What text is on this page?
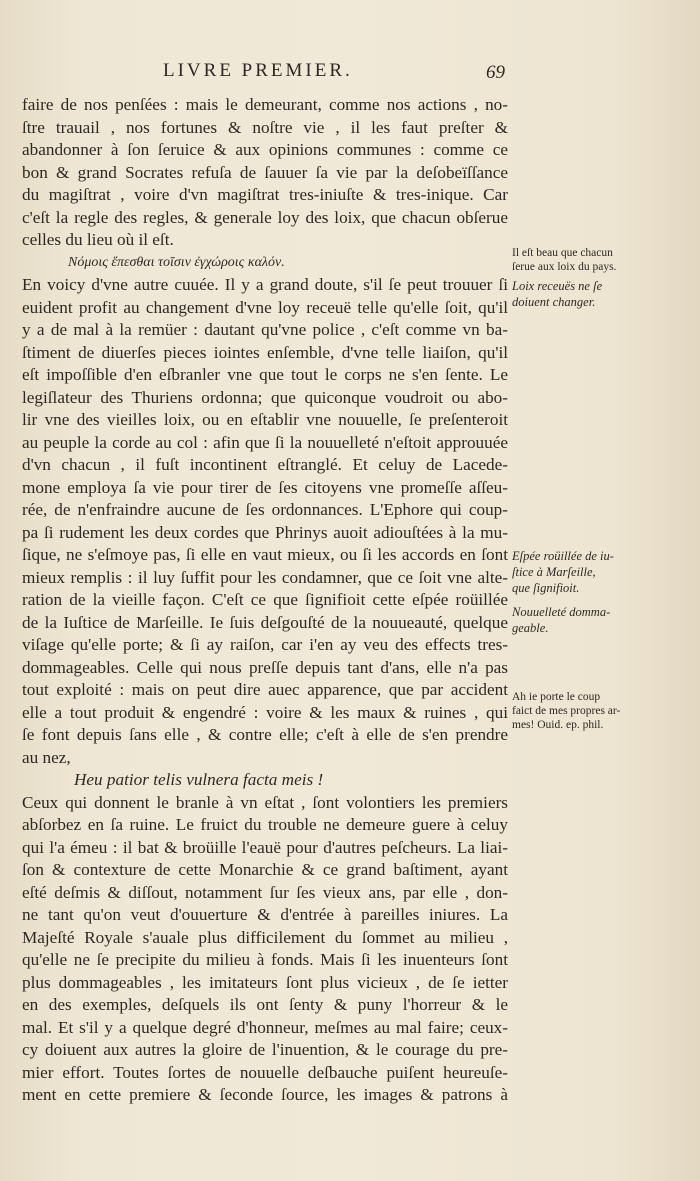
LIVRE PREMIER.	69
faire de nos penſées : mais le demeurant, comme nos actions , no-
ſtre trauail , nos fortunes & noſtre vie , il les faut preſter &
abandonner à ſon ſeruice & aux opinions communes : comme ce
bon & grand Socrates refuſa de ſauuer ſa vie par la deſobeïſſance
du magiſtrat , voire d'vn magiſtrat tres-iniuſte & tres-inique. Car
c'eſt la regle des regles, & generale loy des loix, que chacun obſerue
celles du lieu où il eſt.
Νόμοις ἕπεσθαι τοῖσιν ἐγχώροις καλόν.
En voicy d'vne autre cuuée. Il y a grand doute, s'il ſe peut trouuer ſi
euident profit au changement d'vne loy receuë telle qu'elle ſoit, qu'il
y a de mal à la remüer : dautant qu'vne police , c'eſt comme vn ba-
ſtiment de diuerſes pieces iointes enſemble, d'vne telle liaiſon, qu'il
eſt impoſſible d'en eſbranler vne que tout le corps ne s'en ſente. Le
legiſlateur des Thuriens ordonna; que quiconque voudroit ou abo-
lir vne des vieilles loix, ou en eſtablir vne nouuelle, ſe preſenteroit
au peuple la corde au col : afin que ſi la nouuelleté n'eſtoit approuuée
d'vn chacun , il fuſt incontinent eſtranglé. Et celuy de Lacede-
mone employa ſa vie pour tirer de ſes citoyens vne promeſſe aſſeu-
rée, de n'enfraindre aucune de ſes ordonnances. L'Ephore qui coup-
pa ſi rudement les deux cordes que Phrinys auoit adiouſtées à la mu-
ſique, ne s'eſmoye pas, ſi elle en vaut mieux, ou ſi les accords en ſont
mieux remplis : il luy ſuffit pour les condamner, que ce ſoit vne alte-
ration de la vieille façon. C'eſt ce que ſignifioit cette eſpée roüillée
de la Iuſtice de Marſeille. Ie ſuis deſgouſté de la nouueauté, quelque
viſage qu'elle porte; & ſi ay raiſon, car i'en ay veu des effects tres-
dommageables. Celle qui nous preſſe depuis tant d'ans, elle n'a pas
tout exploité : mais on peut dire auec apparence, que par accident
elle a tout produit & engendré : voire & les maux & ruines , qui
ſe font depuis ſans elle , & contre elle; c'eſt à elle de s'en prendre
au nez,
Heu patior telis vulnera facta meis !
Ceux qui donnent le branle à vn eſtat , ſont volontiers les premiers
abſorbez en ſa ruine. Le fruict du trouble ne demeure guere à celuy
qui l'a émeu : il bat & broüille l'eauë pour d'autres peſcheurs. La liai-
ſon & contexture de cette Monarchie & ce grand baſtiment, ayant
eſté deſmis & diſſout, notamment ſur ſes vieux ans, par elle , don-
ne tant qu'on veut d'ouuerture & d'entrée à pareilles iniures. La
Majeſté Royale s'auale plus difficilement du ſommet au milieu ,
qu'elle ne ſe precipite du milieu à fonds. Mais ſi les inuenteurs ſont
plus dommageables , les imitateurs ſont plus vicieux , de ſe ietter
en des exemples, deſquels ils ont ſenty & puny l'horreur & le
mal. Et s'il y a quelque degré d'honneur, meſmes au mal faire; ceux-
cy doiuent aux autres la gloire de l'inuention, & le courage du pre-
mier effort. Toutes ſortes de nouuelle deſbauche puiſent heureuſe-
ment en cette premiere & ſeconde ſource, les images & patrons à
Il eſt beau que chacun
ſerue aux loix du pays.
Loix receuës ne ſe
doiuent changer.
Eſpée roüillée de iu-
ſtice à Marſeille,
que ſignifioit.
Nouuelleté domma-
geable.
Ah ie porte le coup
faict de mes propres ar-
mes! Ouid. ep. phil.
